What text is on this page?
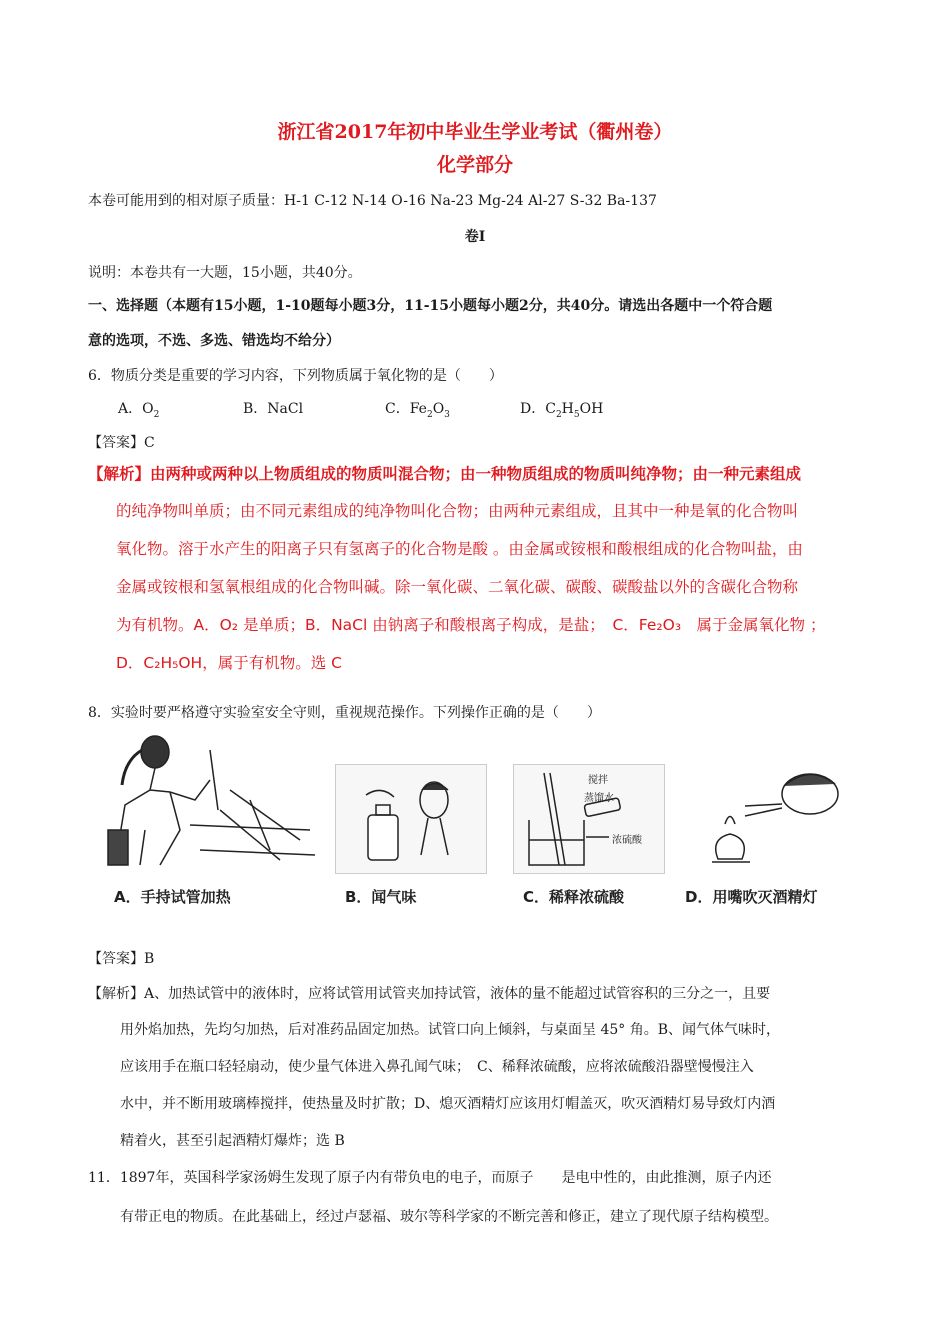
浙江省2017年初中毕业生学业考试（衢州卷）
化学部分
本卷可能用到的相对原子质量：H-1 C-12 N-14 O-16 Na-23 Mg-24 Al-27 S-32 Ba-137
卷Ⅰ
说明：本卷共有一大题，15小题，共40分。
一、选择题（本题有15小题，1-10题每小题3分，11-15小题每小题2分，共40分。请选出各题中一个符合题
意的选项，不选、多选、错选均不给分）
6．物质分类是重要的学习内容，下列物质属于氧化物的是（　　）
A．$O_2$	B．NaCl	C．$Fe_2O_3$	D．$C_2H_5OH$
【答案】C
【解析】由两种或两种以上物质组成的物质叫混合物；由一种物质组成的物质叫纯净物；由一种元素组成
的纯净物叫单质；由不同元素组成的纯净物叫化合物；由两种元素组成，且其中一种是氧的化合物叫
氧化物。溶于水产生的阳离子只有氢离子的化合物是酸 。由金属或铵根和酸根组成的化合物叫盐，由
金属或铵根和氢氧根组成的化合物叫碱。除一氧化碳、二氧化碳、碳酸、碳酸盐以外的含碳化合物称
为有机物。A．O₂ 是单质；B．NaCl 由钠离子和酸根离子构成，是盐；　C．Fe₂O₃　属于金属氧化物 ；
D．C₂H₅OH，属于有机物。选 C
8．实验时要严格遵守实验室安全守则，重视规范操作。下列操作正确的是（　　）
A．手持试管加热	B．闻气味
搅拌
蒸馏水
浓硫酸
C．稀释浓硫酸	D．用嘴吹灭酒精灯
【答案】B
【解析】A、加热试管中的液体时，应将试管用试管夹加持试管，液体的量不能超过试管容积的三分之一，且要
用外焰加热，先均匀加热，后对准药品固定加热。试管口向上倾斜，与桌面呈 45° 角。B、闻气体气味时，
应该用手在瓶口轻轻扇动，使少量气体进入鼻孔闻气味；　C、稀释浓硫酸，应将浓硫酸沿器壁慢慢注入
水中，并不断用玻璃棒搅拌，使热量及时扩散；D、熄灭酒精灯应该用灯帽盖灭，吹灭酒精灯易导致灯内酒
精着火，甚至引起酒精灯爆炸；选 B
11．1897年，英国科学家汤姆生发现了原子内有带负电的电子，而原子　　是电中性的，由此推测，原子内还
有带正电的物质。在此基础上，经过卢瑟福、玻尔等科学家的不断完善和修正，建立了现代原子结构模型。
